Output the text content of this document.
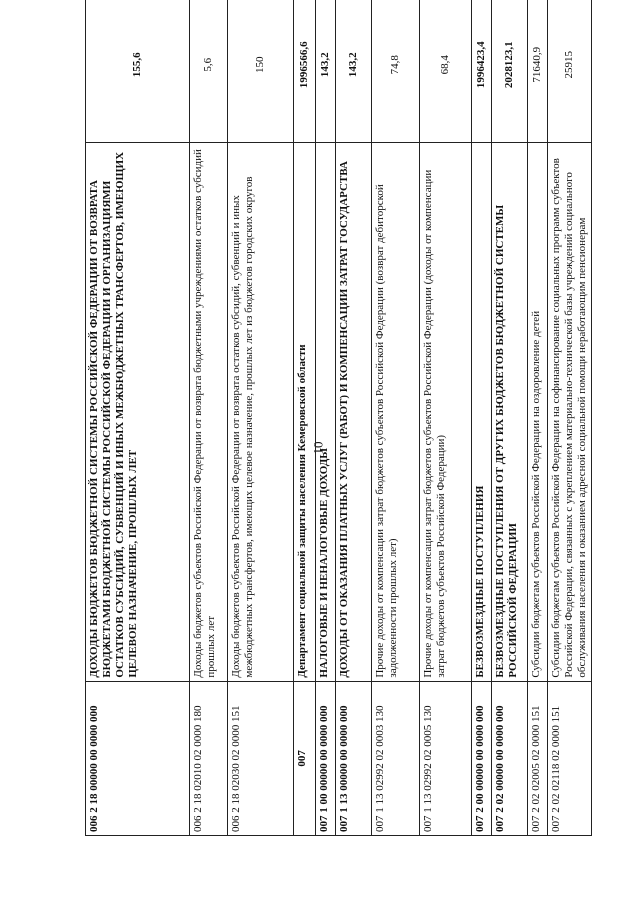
10
006 2 18 00000 00 0000 000	ДОХОДЫ БЮДЖЕТОВ БЮДЖЕТНОЙ СИСТЕМЫ РОССИЙСКОЙ ФЕДЕРАЦИИ ОТ ВОЗВРАТА БЮДЖЕТАМИ БЮДЖЕТНОЙ СИСТЕМЫ РОССИЙСКОЙ ФЕДЕРАЦИИ И ОРГАНИЗАЦИЯМИ ОСТАТКОВ СУБСИДИЙ, СУБВЕНЦИЙ И ИНЫХ МЕЖБЮДЖЕТНЫХ ТРАНСФЕРТОВ, ИМЕЮЩИХ ЦЕЛЕВОЕ НАЗНАЧЕНИЕ, ПРОШЛЫХ ЛЕТ	155,6
006 2 18 02010 02 0000 180	Доходы бюджетов субъектов Российской Федерации от возврата бюджетными учреждениями остатков субсидий прошлых лет	5,6
006 2 18 02030 02 0000 151	Доходы бюджетов субъектов Российской Федерации от возврата остатков субсидий, субвенций и иных межбюджетных трансфертов, имеющих целевое назначение, прошлых лет из бюджетов городских округов	150
007	Департамент социальной защиты населения Кемеровской области	1996566,6
007 1 00 00000 00 0000 000	НАЛОГОВЫЕ И НЕНАЛОГОВЫЕ ДОХОДЫ	143,2
007 1 13 00000 00 0000 000	ДОХОДЫ ОТ ОКАЗАНИЯ ПЛАТНЫХ УСЛУГ (РАБОТ) И КОМПЕНСАЦИИ ЗАТРАТ ГОСУДАРСТВА	143,2
007 1 13 02992 02 0003 130	Прочие доходы от компенсации затрат бюджетов субъектов Российской Федерации (возврат дебиторской задолженности прошлых лет)	74,8
007 1 13 02992 02 0005 130	Прочие доходы от компенсации затрат бюджетов субъектов Российской Федерации (доходы от компенсации затрат бюджетов субъектов Российской Федерации)	68,4
007 2 00 00000 00 0000 000	БЕЗВОЗМЕЗДНЫЕ ПОСТУПЛЕНИЯ	1996423,4
007 2 02 00000 00 0000 000	БЕЗВОЗМЕЗДНЫЕ ПОСТУПЛЕНИЯ ОТ ДРУГИХ БЮДЖЕТОВ БЮДЖЕТНОЙ СИСТЕМЫ РОССИЙСКОЙ ФЕДЕРАЦИИ	2028123,1
007 2 02 02005 02 0000 151	Субсидии бюджетам субъектов Российской Федерации на оздоровление детей	71640,9
007 2 02 02118 02 0000 151	Субсидии бюджетам субъектов Российской Федерации на софинансирование социальных программ субъектов Российской Федерации, связанных с укреплением материально-технической базы учреждений социального обслуживания населения и оказанием адресной социальной помощи неработающим пенсионерам	25915
